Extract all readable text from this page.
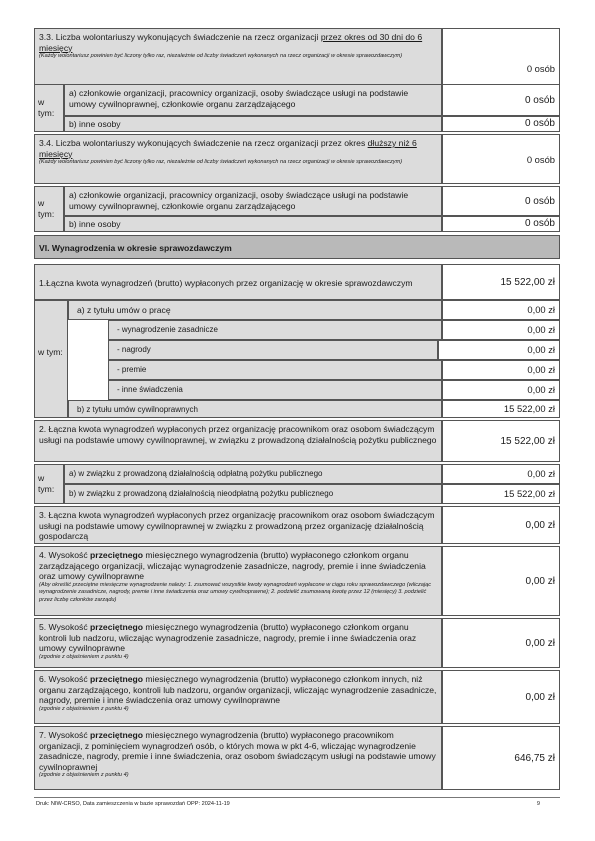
3.3. Liczba wolontariuszy wykonujących świadczenie na rzecz organizacji przez okres od 30 dni do 6 miesięcy
(Każdy wolontariusz powinien być liczony tylko raz, niezależnie od liczby świadczeń wykonanych na rzecz organizacji w okresie sprawozdawczym)
0 osób
w tym:
a) członkowie organizacji, pracownicy organizacji, osoby świadczące usługi na podstawie umowy cywilnoprawnej, członkowie organu zarządzającego	0 osób
b) inne osoby	0 osób
3.4. Liczba wolontariuszy wykonujących świadczenie na rzecz organizacji przez okres dłuższy niż 6 miesięcy
(Każdy wolontariusz powinien być liczony tylko raz, niezależnie od liczby świadczeń wykonanych na rzecz organizacji w okresie sprawozdawczym)	0 osób
w tym:
a) członkowie organizacji, pracownicy organizacji, osoby świadczące usługi na podstawie umowy cywilnoprawnej, członkowie organu zarządzającego	0 osób
b) inne osoby	0 osób
VI. Wynagrodzenia w okresie sprawozdawczym
1.Łączna kwota wynagrodzeń (brutto) wypłaconych przez organizację w okresie sprawozdawczym	15 522,00 zł
w tym:
a) z tytułu umów o pracę	0,00 zł
- wynagrodzenie zasadnicze	0,00 zł
- nagrody	0,00 zł
- premie	0,00 zł
- inne świadczenia	0,00 zł
b) z tytułu umów cywilnoprawnych	15 522,00 zł
2. Łączna kwota wynagrodzeń wypłaconych przez organizację pracownikom oraz osobom świadczącym usługi na podstawie umowy cywilnoprawnej, w związku z prowadzoną działalnością pożytku publicznego	15 522,00 zł
w tym:
a) w związku z prowadzoną działalnością odpłatną pożytku publicznego	0,00 zł
b) w związku z prowadzoną działalnością nieodpłatną pożytku publicznego	15 522,00 zł
3. Łączna kwota wynagrodzeń wypłaconych przez organizację pracownikom oraz osobom świadczącym usługi na podstawie umowy cywilnoprawnej w związku z prowadzoną przez organizację działalnością gospodarczą
0,00 zł
4. Wysokość przeciętnego miesięcznego wynagrodzenia (brutto) wypłaconego członkom organu zarządzającego organizacji, wliczając wynagrodzenie zasadnicze, nagrody, premie i inne świadczenia oraz umowy cywilnoprawne
(Aby określić przeciętne miesięczne wynagrodzenie należy: 1. zsumować wszystkie kwoty wynagrodzeń wypłacone w ciągu roku sprawozdawczego (wliczając wynagrodzenie zasadnicze, nagrody, premie i inne świadczenia oraz umowy cywilnoprawne); 2. podzielić zsumowaną kwotę przez 12 (miesięcy) 3. podzielić przez liczbę członków zarządu)
0,00 zł
5. Wysokość przeciętnego miesięcznego wynagrodzenia (brutto) wypłaconego członkom organu kontroli lub nadzoru, wliczając wynagrodzenie zasadnicze, nagrody, premie i inne świadczenia oraz umowy cywilnoprawne
(zgodnie z objaśnieniem z punktu 4)
0,00 zł
6. Wysokość przeciętnego miesięcznego wynagrodzenia (brutto) wypłaconego członkom innych, niż organu zarządzającego, kontroli lub nadzoru, organów organizacji, wliczając wynagrodzenie zasadnicze, nagrody, premie i inne świadczenia oraz umowy cywilnoprawne
(zgodnie z objaśnieniem z punktu 4)
0,00 zł
7. Wysokość przeciętnego miesięcznego wynagrodzenia (brutto) wypłaconego pracownikom organizacji, z pominięciem wynagrodzeń osób, o których mowa w pkt 4-6, wliczając wynagrodzenie zasadnicze, nagrody, premie i inne świadczenia, oraz osobom świadczącym usługi na podstawie umowy cywilnoprawnej
(zgodnie z objaśnieniem z punktu 4)
646,75 zł
Druk: NIW-CRSO, Data zamieszczenia w bazie sprawozdań OPP: 2024-11-19	9
